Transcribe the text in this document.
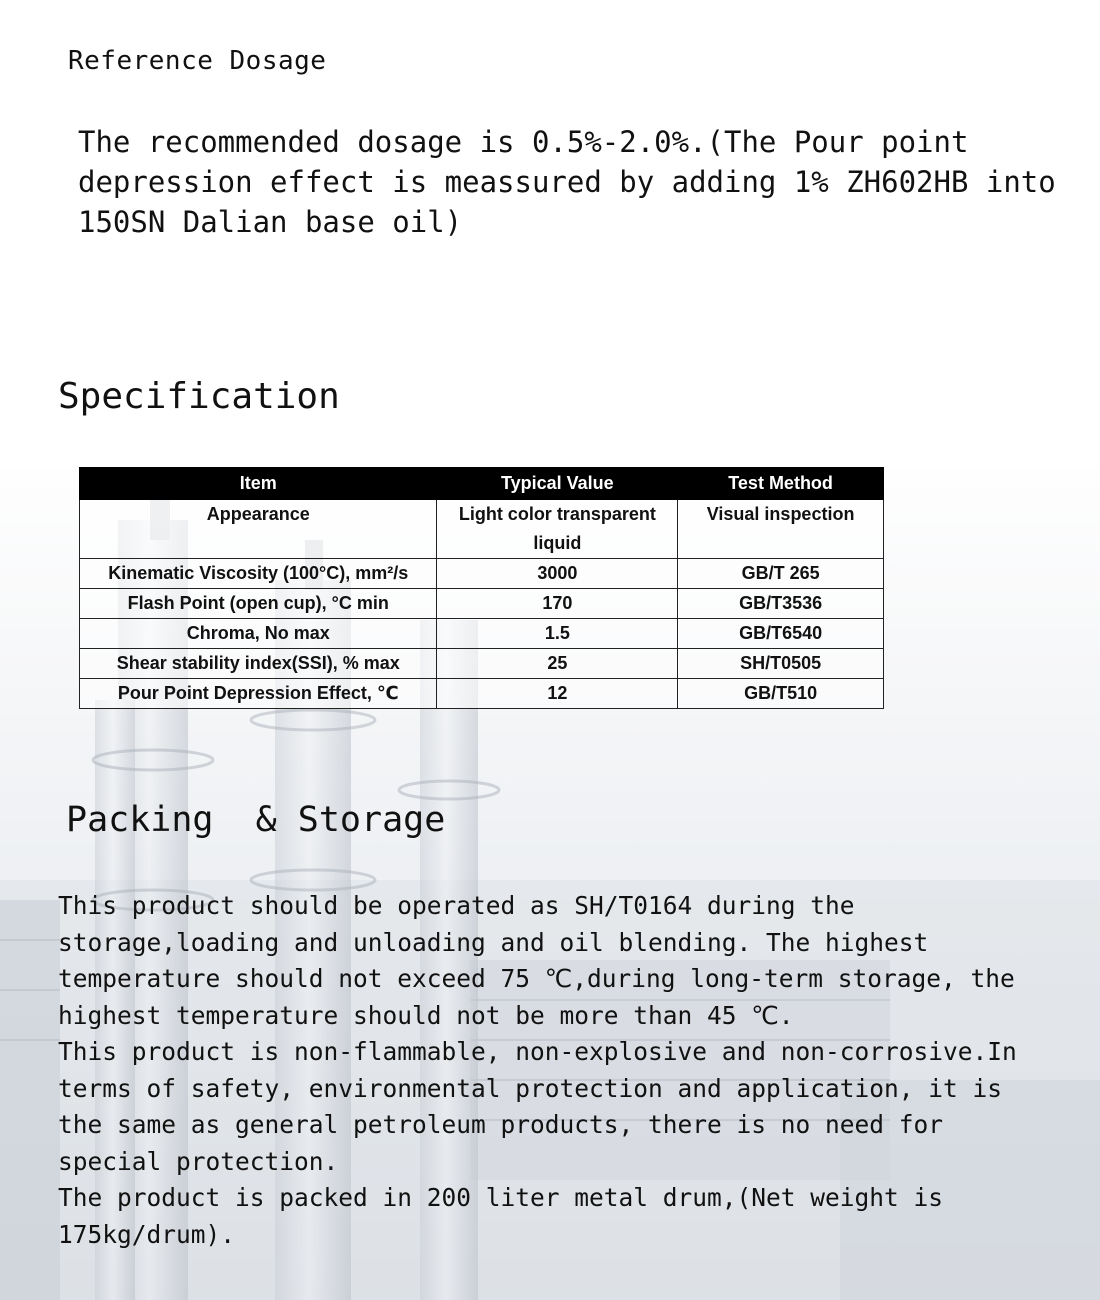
Reference Dosage

The recommended dosage is 0.5%-2.0%.(The Pour point depression effect is meassured by adding 1% ZH602HB into 150SN Dalian base oil)

Specification
Item	Typical Value	Test Method
Appearance	Light color transparent liquid	Visual inspection
Kinematic Viscosity (100°C), mm²/s	3000	GB/T 265
Flash Point (open cup), °C min	170	GB/T3536
Chroma, No max	1.5	GB/T6540
Shear stability index(SSI), % max	25	SH/T0505
Pour Point Depression Effect, ℃	12	GB/T510
Packing  & Storage

This product should be operated as SH/T0164 during the storage,loading and unloading and oil blending. The highest temperature should not exceed 75 ℃,during long-term storage, the highest temperature should not be more than 45 ℃.

This product is non-flammable, non-explosive and non-corrosive.In terms of safety, environmental protection and application, it is the same as general petroleum products, there is no need for special protection.

The product is packed in 200 liter metal drum,(Net weight is 175kg/drum).
